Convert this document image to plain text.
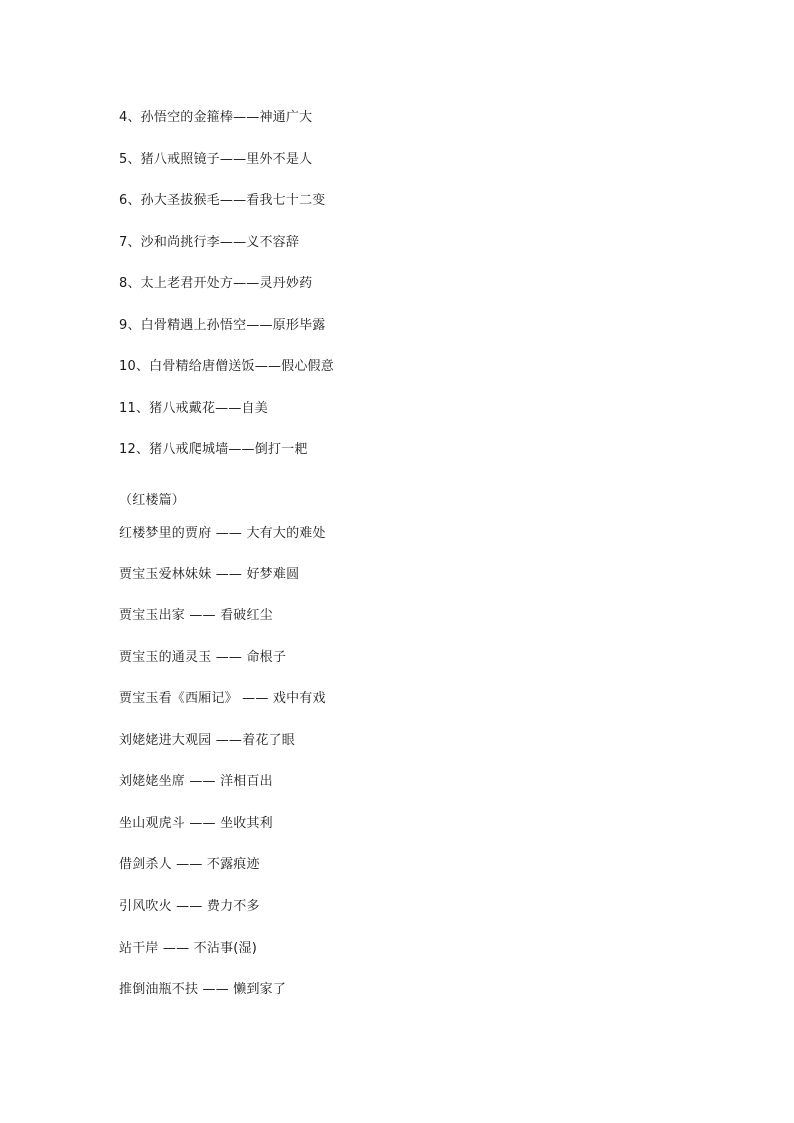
4、孙悟空的金箍棒——神通广大
5、猪八戒照镜子——里外不是人
6、孙大圣拔猴毛——看我七十二变
7、沙和尚挑行李——义不容辞
8、太上老君开处方——灵丹妙药
9、白骨精遇上孙悟空——原形毕露
10、白骨精给唐僧送饭——假心假意
11、猪八戒戴花——自美
12、猪八戒爬城墙——倒打一耙
（红楼篇）
红楼梦里的贾府 —— 大有大的难处
贾宝玉爱林妹妹 —— 好梦难圆
贾宝玉出家 —— 看破红尘
贾宝玉的通灵玉 —— 命根子
贾宝玉看《西厢记》 —— 戏中有戏
刘姥姥进大观园 ——着花了眼
刘姥姥坐席 —— 洋相百出
坐山观虎斗 —— 坐收其利
借剑杀人 —— 不露痕迹
引风吹火 —— 费力不多
站干岸 —— 不沾事(湿)
推倒油瓶不扶 —— 懒到家了
